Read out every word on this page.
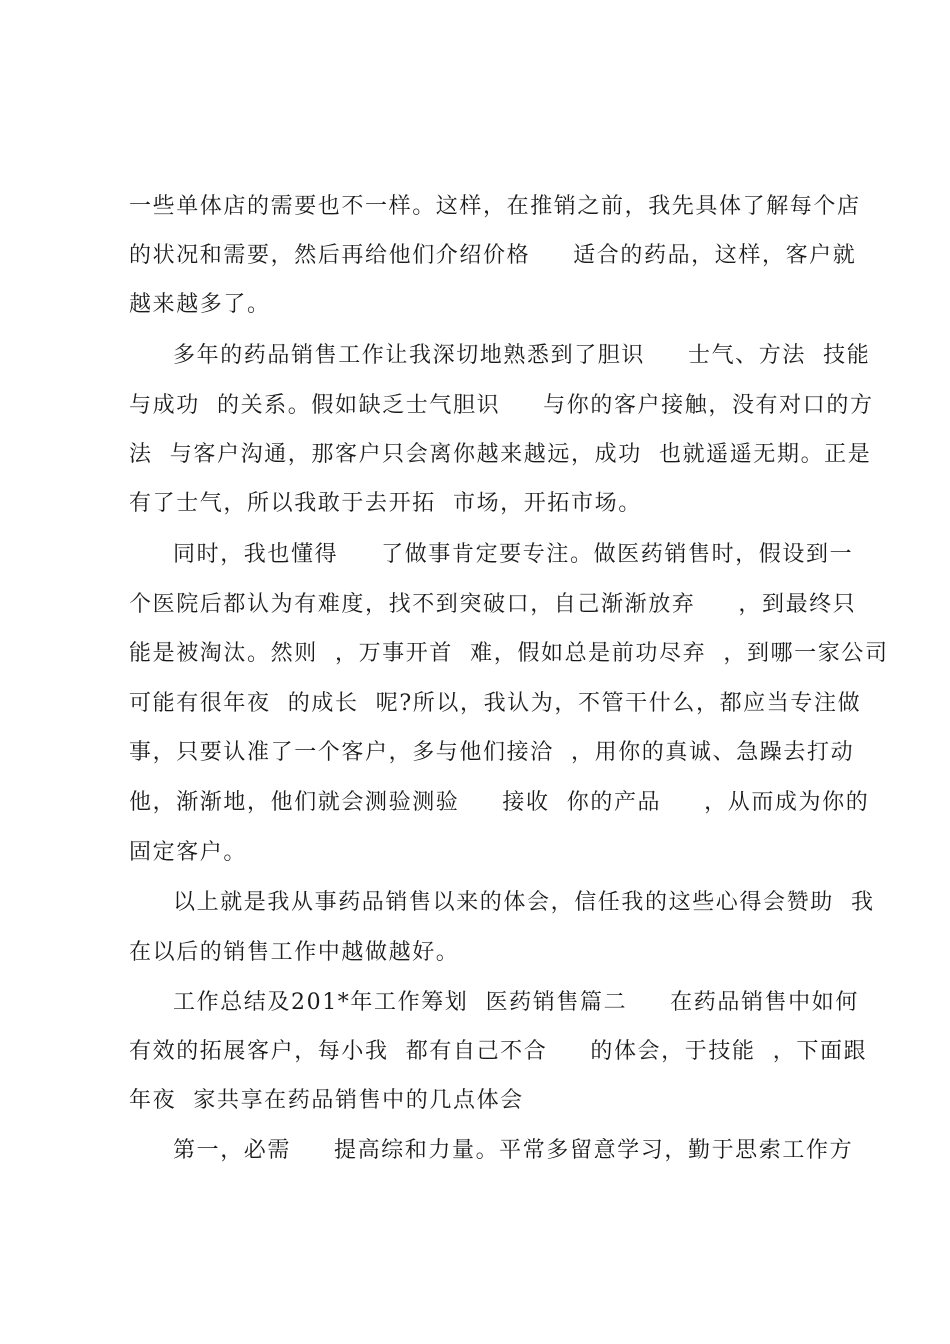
一些单体店的需要也不一样。这样，在推销之前，我先具体了解每个店
的状况和需要，然后再给他们介绍价格     适合的药品，这样，客户就
越来越多了。
多年的药品销售工作让我深切地熟悉到了胆识     士气、方法  技能
与成功  的关系。假如缺乏士气胆识     与你的客户接触，没有对口的方
法  与客户沟通，那客户只会离你越来越远，成功  也就遥遥无期。正是
有了士气，所以我敢于去开拓  市场，开拓市场。
同时，我也懂得     了做事肯定要专注。做医药销售时，假设到一
个医院后都认为有难度，找不到突破口，自己渐渐放弃     ，到最终只
能是被淘汰。然则  ，万事开首  难，假如总是前功尽弃  ，到哪一家公司
可能有很年夜  的成长  呢?所以，我认为，不管干什么，都应当专注做
事，只要认准了一个客户，多与他们接洽  ，用你的真诚、急躁去打动
他，渐渐地，他们就会测验测验     接收  你的产品     ，从而成为你的
固定客户。
以上就是我从事药品销售以来的体会，信任我的这些心得会赞助  我
在以后的销售工作中越做越好。
工作总结及201*年工作筹划  医药销售篇二     在药品销售中如何
有效的拓展客户，每小我  都有自己不合     的体会，于技能  ，下面跟
年夜  家共享在药品销售中的几点体会
第一，必需     提高综和力量。平常多留意学习，勤于思索工作方
